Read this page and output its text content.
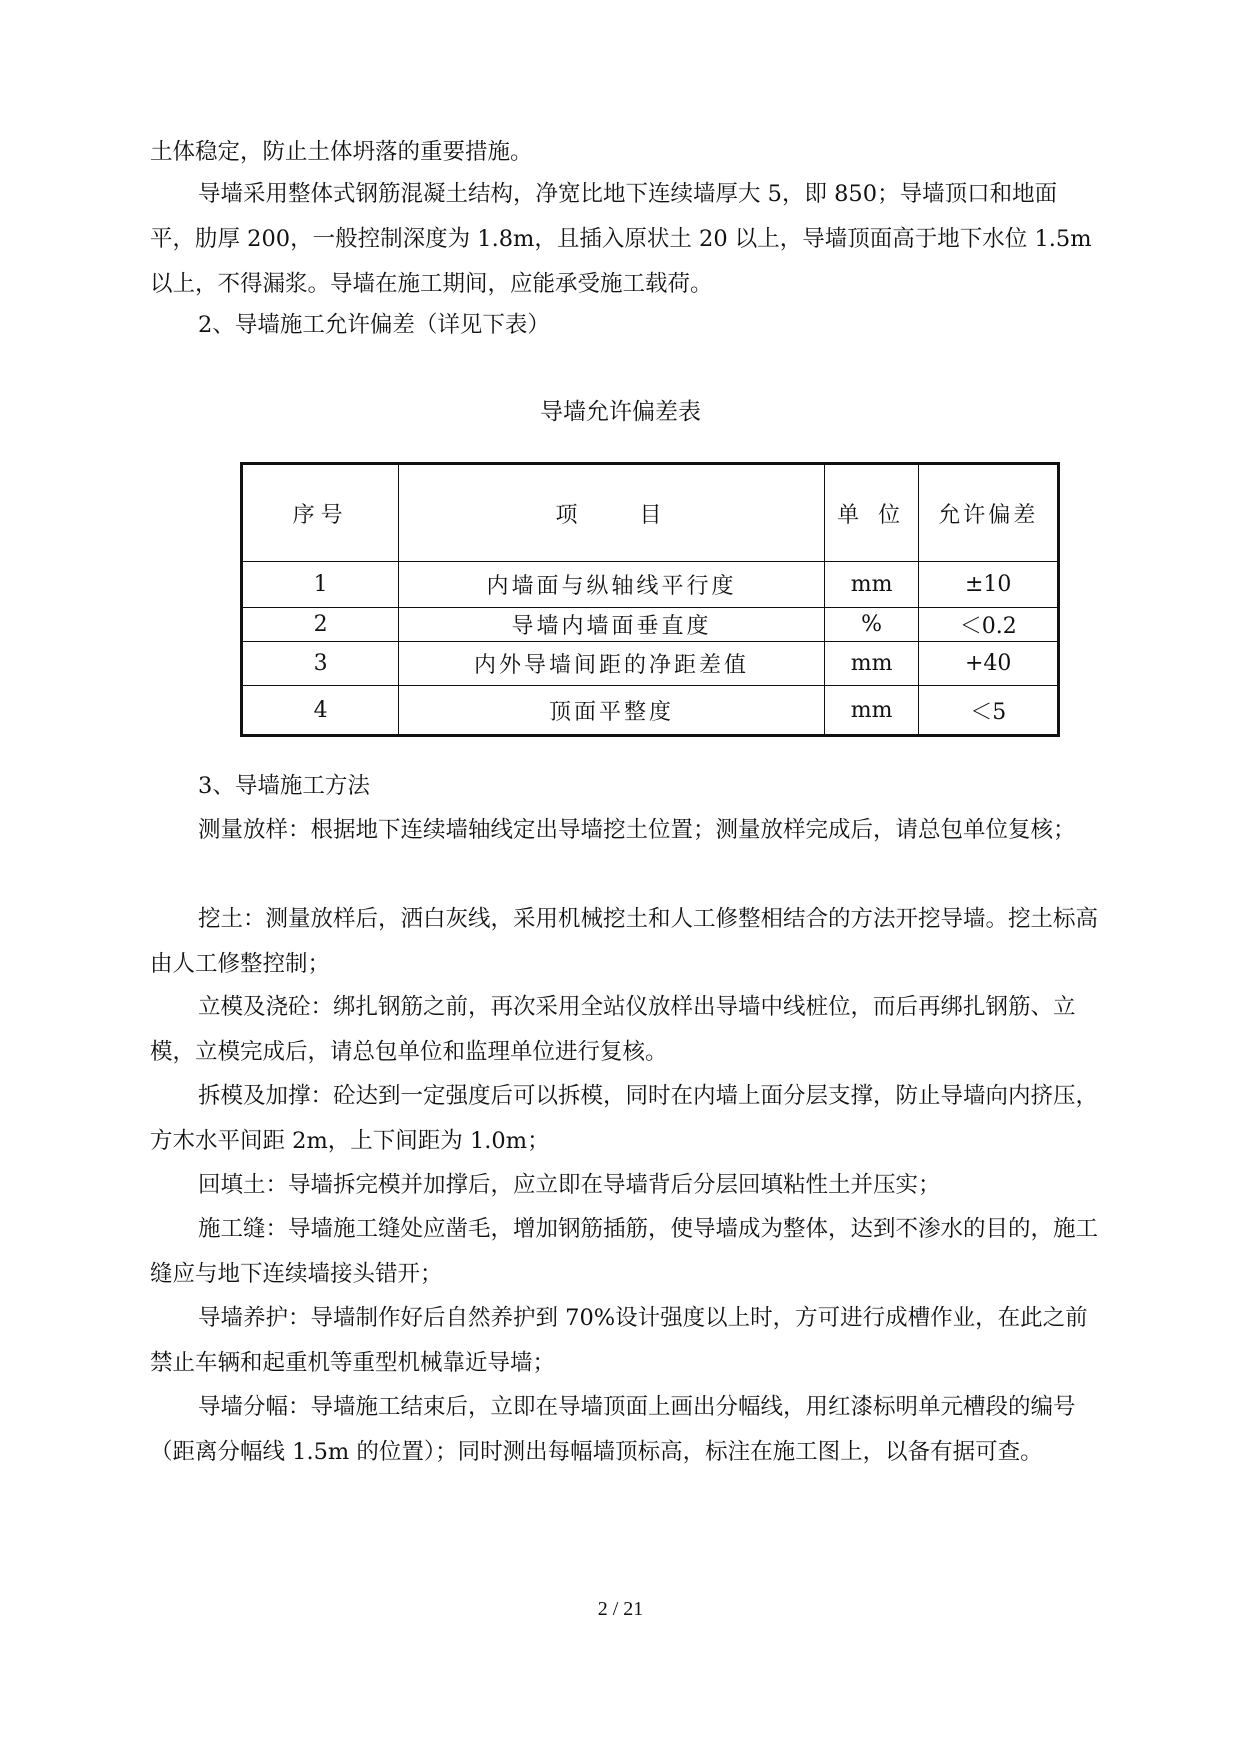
土体稳定，防止土体坍落的重要措施。

导墙采用整体式钢筋混凝土结构，净宽比地下连续墙厚大 5，即 850；导墙顶口和地面平，肋厚 200，一般控制深度为 1.8m，且插入原状土 20 以上，导墙顶面高于地下水位 1.5m 以上，不得漏浆。导墙在施工期间，应能承受施工载荷。

2、导墙施工允许偏差（详见下表）

导墙允许偏差表
序号	项　　目	单 位	允许偏差
1	内墙面与纵轴线平行度	mm	±10
2	导墙内墙面垂直度	%	＜0.2
3	内外导墙间距的净距差值	mm	+40
4	顶面平整度	mm	＜5

3、导墙施工方法

测量放样：根据地下连续墙轴线定出导墙挖土位置；测量放样完成后，请总包单位复核；

挖土：测量放样后，洒白灰线，采用机械挖土和人工修整相结合的方法开挖导墙。挖土标高由人工修整控制；

立模及浇砼：绑扎钢筋之前，再次采用全站仪放样出导墙中线桩位，而后再绑扎钢筋、立模，立模完成后，请总包单位和监理单位进行复核。

拆模及加撑：砼达到一定强度后可以拆模，同时在内墙上面分层支撑，防止导墙向内挤压，方木水平间距 2m，上下间距为 1.0m；

回填土：导墙拆完模并加撑后，应立即在导墙背后分层回填粘性土并压实；

施工缝：导墙施工缝处应凿毛，增加钢筋插筋，使导墙成为整体，达到不渗水的目的，施工缝应与地下连续墙接头错开；

导墙养护：导墙制作好后自然养护到 70%设计强度以上时，方可进行成槽作业，在此之前禁止车辆和起重机等重型机械靠近导墙；

导墙分幅：导墙施工结束后，立即在导墙顶面上画出分幅线，用红漆标明单元槽段的编号（距离分幅线 1.5m 的位置）；同时测出每幅墙顶标高，标注在施工图上，以备有据可查。

2 / 21
